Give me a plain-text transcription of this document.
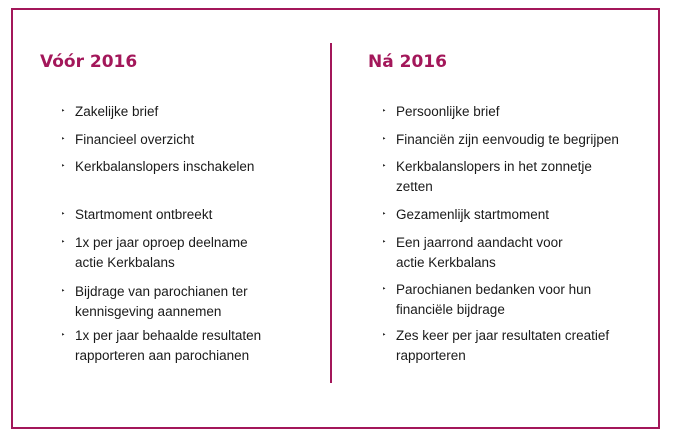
Vóór 2016
Zakelijke brief
Financieel overzicht
Kerkbalanslopers inschakelen
Startmoment ontbreekt
1x per jaar oproep deelname
actie Kerkbalans
Bijdrage van parochianen ter
kennisgeving aannemen
1x per jaar behaalde resultaten
rapporteren aan parochianen
‣
‣
‣
‣
‣
‣
‣
Ná 2016
Persoonlijke brief
Financiën zijn eenvoudig te begrijpen
Kerkbalanslopers in het zonnetje
zetten
Gezamenlijk startmoment
Een jaarrond aandacht voor
actie Kerkbalans
Parochianen bedanken voor hun
financiële bijdrage
Zes keer per jaar resultaten creatief
rapporteren
‣
‣
‣
‣
‣
‣
‣
